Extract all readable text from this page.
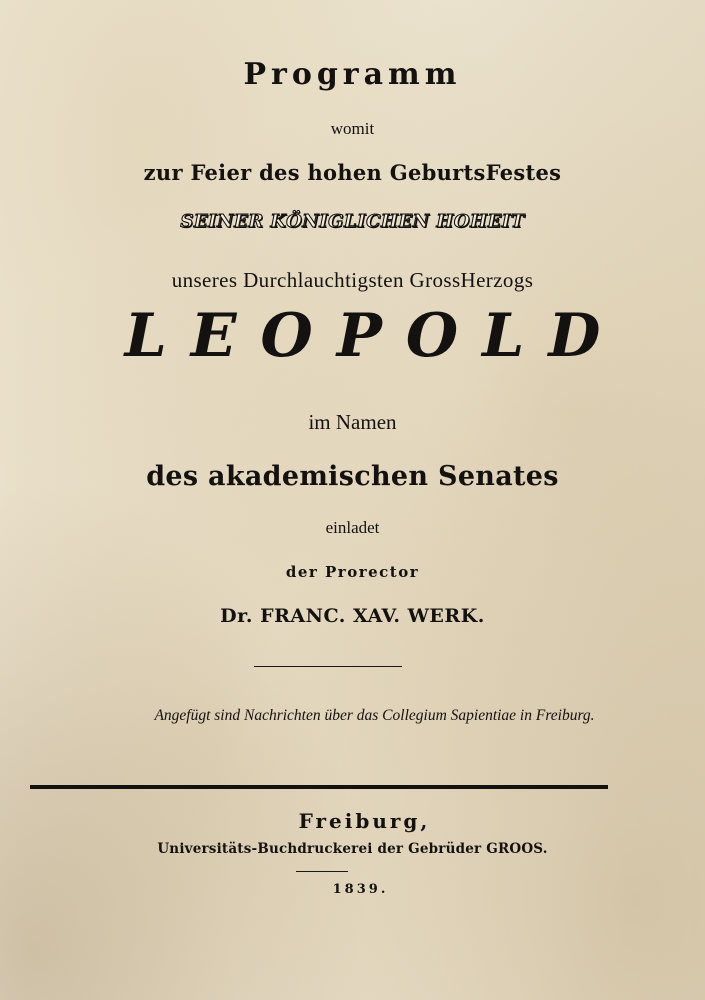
Programm
womit
zur Feier des hohen GeburtsFestes
SEINER KÖNIGLICHEN HOHEIT
unseres Durchlauchtigsten GrossHerzogs
LEOPOLD
im Namen
des akademischen Senates
einladet
der Prorector
Dr. FRANC. XAV. WERK.
Angefügt sind Nachrichten über das Collegium Sapientiae in Freiburg.
Freiburg,
Universitäts-Buchdruckerei der Gebrüder GROOS.
1839.
